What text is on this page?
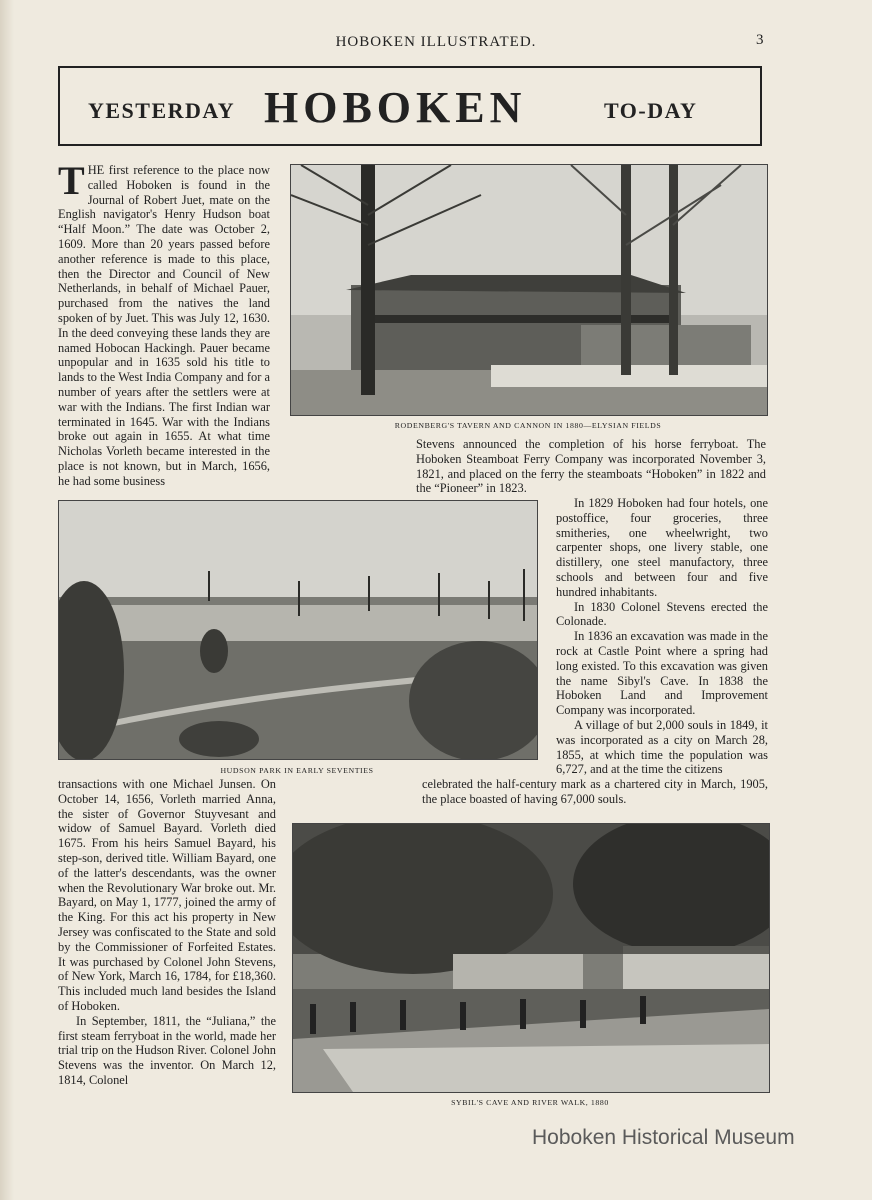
HOBOKEN ILLUSTRATED.	3
YESTERDAY HOBOKEN	TO-DAY
RODENBERG'S TAVERN AND CANNON IN 1880—ELYSIAN FIELDS
T HE first reference to the place now called Hoboken is found in the Journal of Robert Juet, mate on the English navigator's Henry Hudson boat “Half Moon.” The date was October 2, 1609. More than 20 years passed before another reference is made to this place, then the Director and Council of New Netherlands, in behalf of Michael Pauer, purchased from the natives the land spoken of by Juet. This was July 12, 1630. In the deed conveying these lands they are named Hobocan Hackingh. Pauer became unpopular and in 1635 sold his title to lands to the West India Company and for a number of years after the settlers were at war with the Indians. The first Indian war terminated in 1645. War with the Indians broke out again in 1655. At what time Nicholas Vorleth became interested in the place is not known, but in March, 1656, he had some business

Stevens announced the completion of his horse ferryboat. The Hoboken Steamboat Ferry Company was incorporated November 3, 1821, and placed on the ferry the steamboats “Hoboken” in 1822 and the “Pioneer” in 1823.

HUDSON PARK IN EARLY SEVENTIES

In 1829 Hoboken had four hotels, one postoffice, four groceries, three smitheries, one wheelwright, two carpenter shops, one livery stable, one distillery, one steel manufactory, three schools and between four and five hundred inhabitants.

In 1830 Colonel Stevens erected the Colonade.

In 1836 an excavation was made in the rock at Castle Point where a spring had long existed. To this excavation was given the name Sibyl's Cave. In 1838 the Hoboken Land and Improvement Company was incorporated.

A village of but 2,000 souls in 1849, it was incorporated as a city on March 28, 1855, at which time the population was 6,727, and at the time the citizens

celebrated the half-century mark as a chartered city in March, 1905, the place boasted of having 67,000 souls.

transactions with one Michael Junsen. On October 14, 1656, Vorleth married Anna, the sister of Governor Stuyvesant and widow of Samuel Bayard. Vorleth died 1675. From his heirs Samuel Bayard, his step-son, derived title. William Bayard, one of the latter's descendants, was the owner when the Revolutionary War broke out. Mr. Bayard, on May 1, 1777, joined the army of the King. For this act his property in New Jersey was confiscated to the State and sold by the Commissioner of Forfeited Estates. It was purchased by Colonel John Stevens, of New York, March 16, 1784, for £18,360. This included much land besides the Island of Hoboken.

In September, 1811, the “Juliana,” the first steam ferryboat in the world, made her trial trip on the Hudson River. Colonel John Stevens was the inventor. On March 12, 1814, Colonel

SYBIL'S CAVE AND RIVER WALK, 1880
Hoboken Historical Museum
